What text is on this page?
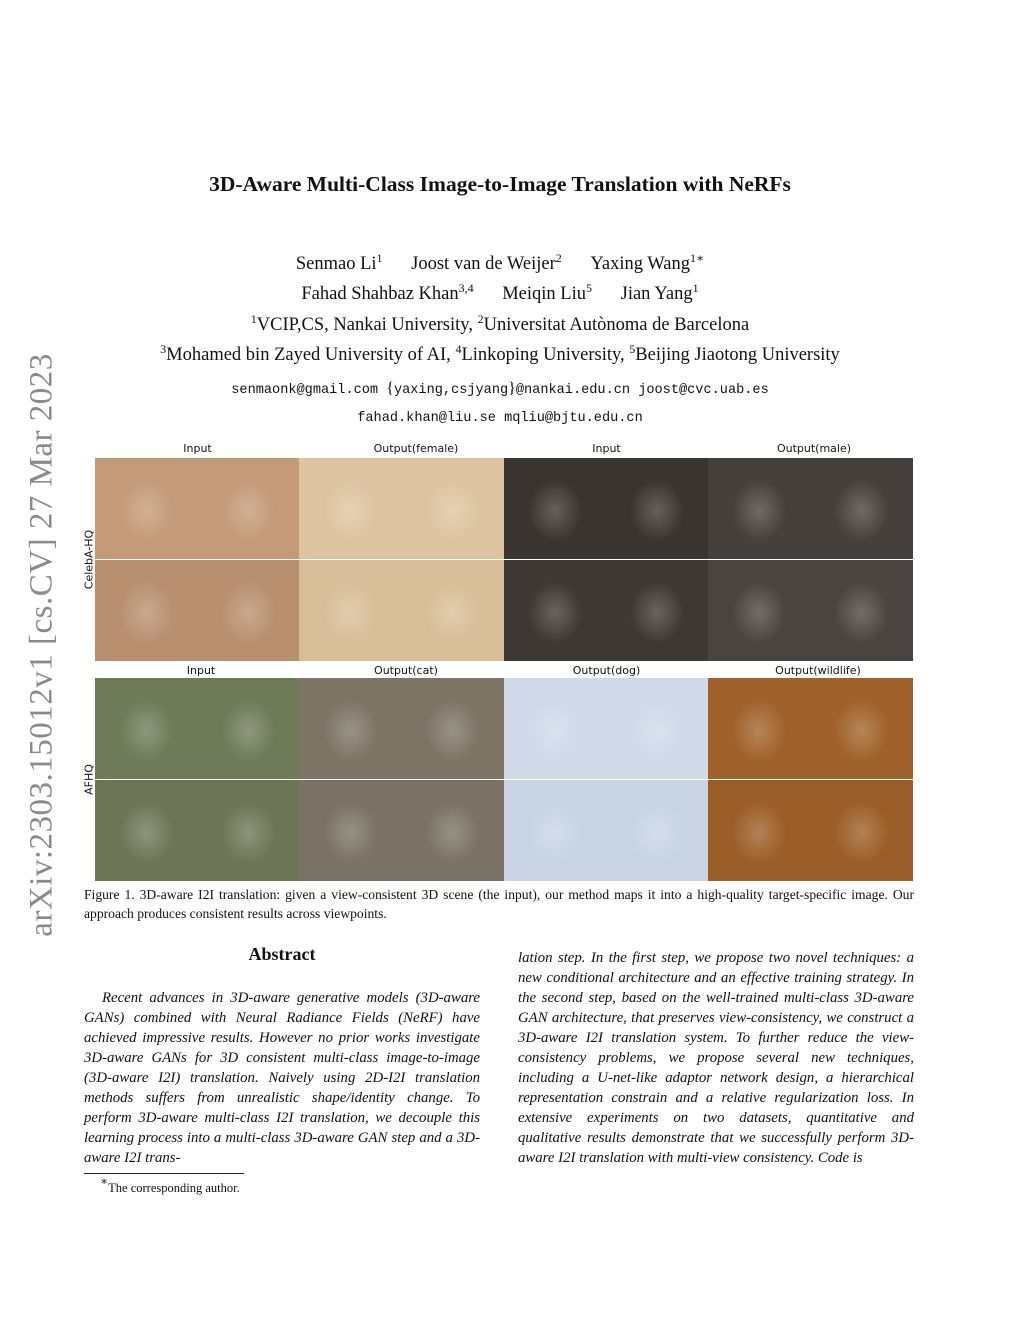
arXiv:2303.15012v1 [cs.CV] 27 Mar 2023
3D-Aware Multi-Class Image-to-Image Translation with NeRFs
Senmao Li$^1$ Joost van de Weijer$^2$ Yaxing Wang$^{1∗}$
Fahad Shahbaz Khan$^{3,4}$ Meiqin Liu$^5$ Jian Yang$^1$
$^1$VCIP,CS, Nankai University, $^2$Universitat Autònoma de Barcelona
$^3$Mohamed bin Zayed University of AI, $^4$Linkoping University, $^5$Beijing Jiaotong University
senmaonk@gmail.com {yaxing,csjyang}@nankai.edu.cn joost@cvc.uab.es
fahad.khan@liu.se mqliu@bjtu.edu.cn
Input	Output(female)	Input	Output(male)
Input	Output(cat)	Output(dog)	Output(wildlife)
CelebA-HQ
AFHQ
Figure 1. 3D-aware I2I translation: given a view-consistent 3D scene (the input), our method maps it into a high-quality target-specific image. Our approach produces consistent results across viewpoints.
Abstract

Recent advances in 3D-aware generative models (3D-aware GANs) combined with Neural Radiance Fields (NeRF) have achieved impressive results. However no prior works investigate 3D-aware GANs for 3D consistent multi-class image-to-image (3D-aware I2I) translation. Naively using 2D-I2I translation methods suffers from unrealistic shape/identity change. To perform 3D-aware multi-class I2I translation, we decouple this learning process into a multi-class 3D-aware GAN step and a 3D-aware I2I trans-

lation step. In the first step, we propose two novel techniques: a new conditional architecture and an effective training strategy. In the second step, based on the well-trained multi-class 3D-aware GAN architecture, that preserves view-consistency, we construct a 3D-aware I2I translation system. To further reduce the view-consistency problems, we propose several new techniques, including a U-net-like adaptor network design, a hierarchical representation constrain and a relative regularization loss. In extensive experiments on two datasets, quantitative and qualitative results demonstrate that we successfully perform 3D-aware I2I translation with multi-view consistency. Code is

∗The corresponding author.
